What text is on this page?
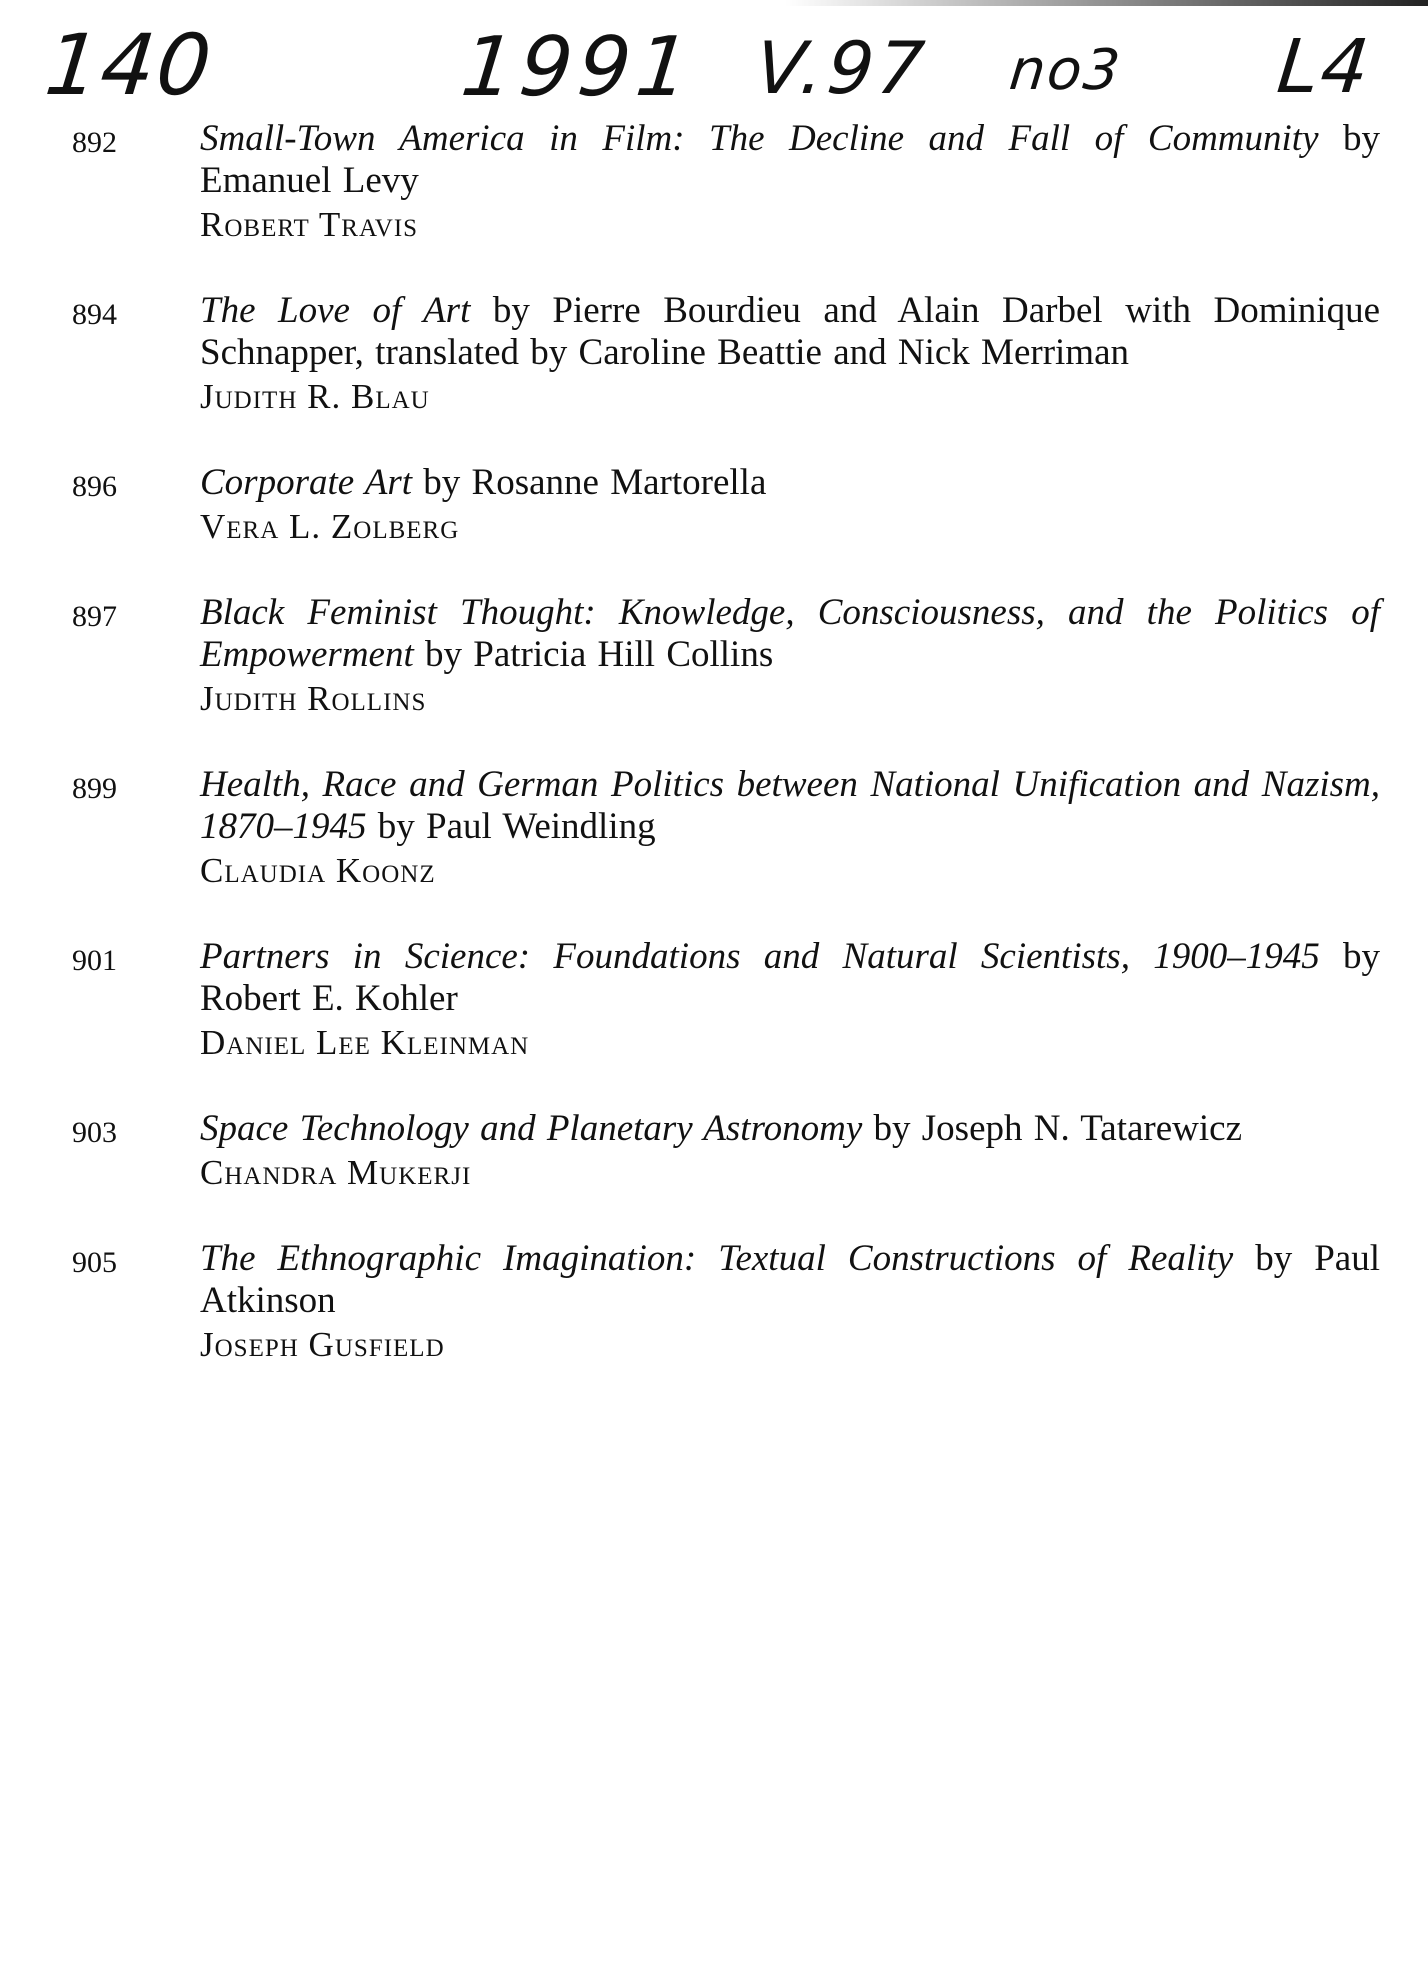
140	1991 V.97 no3 L4
892 Small-Town America in Film: The Decline and Fall of Community by Emanuel Levy
Robert Travis
894 The Love of Art by Pierre Bourdieu and Alain Darbel with Dominique Schnapper, translated by Caroline Beattie and Nick Merriman
Judith R. Blau
896 Corporate Art by Rosanne Martorella
Vera L. Zolberg
897 Black Feminist Thought: Knowledge, Consciousness, and the Politics of Empowerment by Patricia Hill Collins
Judith Rollins
899 Health, Race and German Politics between National Unification and Nazism, 1870–1945 by Paul Weindling
Claudia Koonz
901 Partners in Science: Foundations and Natural Scientists, 1900–1945 by Robert E. Kohler
Daniel Lee Kleinman
903 Space Technology and Planetary Astronomy by Joseph N. Tatarewicz
Chandra Mukerji
905 The Ethnographic Imagination: Textual Constructions of Reality by Paul Atkinson
Joseph Gusfield
